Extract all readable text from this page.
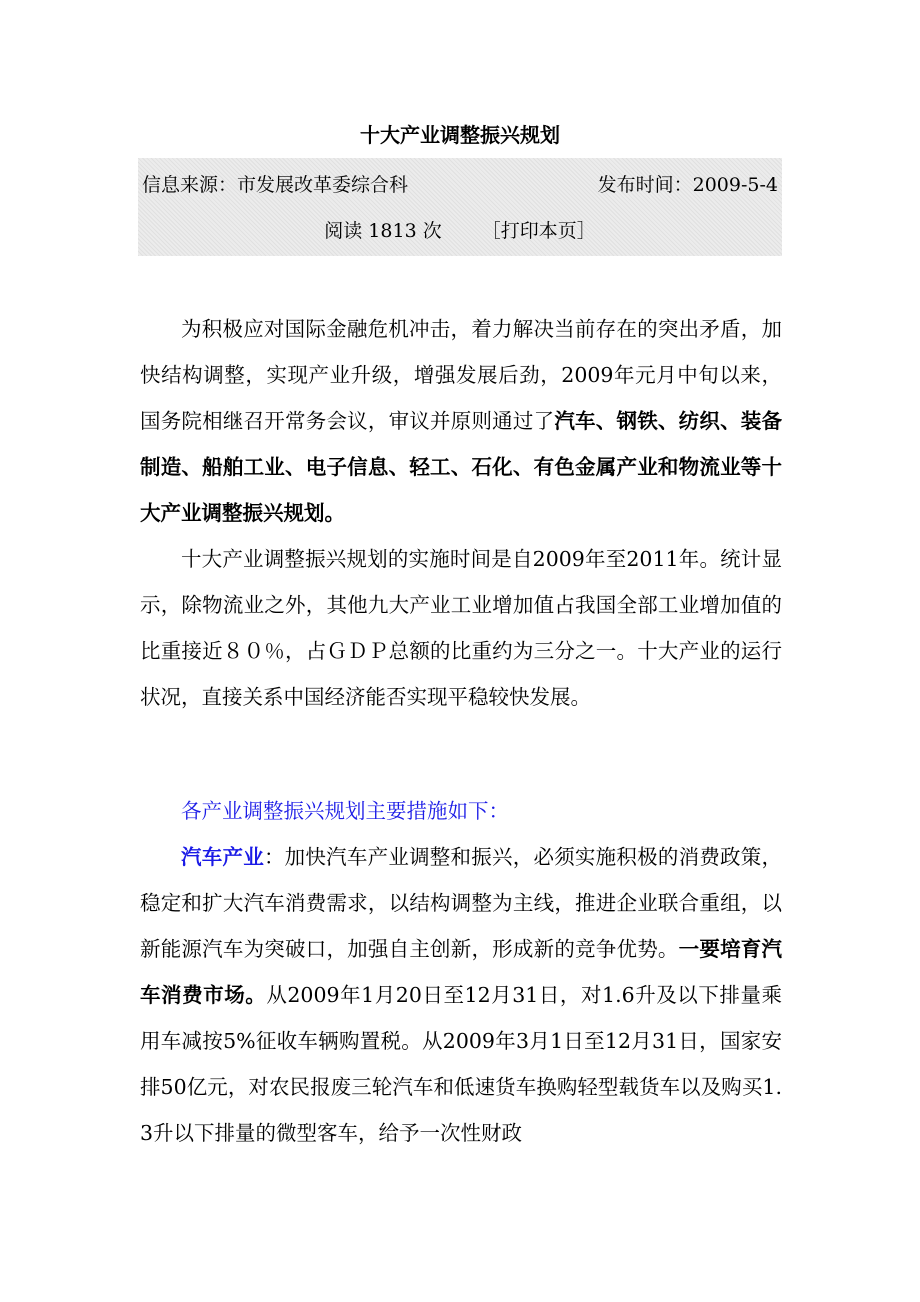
十大产业调整振兴规划
信息来源：市发展改革委综合科	发布时间：2009-5-4
阅读 1813 次 ［打印本页］

为积极应对国际金融危机冲击，着力解决当前存在的突出矛盾，加快结构调整，实现产业升级，增强发展后劲，2009年元月中旬以来，国务院相继召开常务会议，审议并原则通过了汽车、钢铁、纺织、装备制造、船舶工业、电子信息、轻工、石化、有色金属产业和物流业等十大产业调整振兴规划。

十大产业调整振兴规划的实施时间是自2009年至2011年。统计显示，除物流业之外，其他九大产业工业增加值占我国全部工业增加值的比重接近８０％，占ＧＤＰ总额的比重约为三分之一。十大产业的运行状况，直接关系中国经济能否实现平稳较快发展。

各产业调整振兴规划主要措施如下：

汽车产业：加快汽车产业调整和振兴，必须实施积极的消费政策，稳定和扩大汽车消费需求，以结构调整为主线，推进企业联合重组，以新能源汽车为突破口，加强自主创新，形成新的竞争优势。一要培育汽车消费市场。从2009年1月20日至12月31日，对1.6升及以下排量乘用车减按5%征收车辆购置税。从2009年3月1日至12月31日，国家安排50亿元，对农民报废三轮汽车和低速货车换购轻型载货车以及购买1.3升以下排量的微型客车，给予一次性财政
